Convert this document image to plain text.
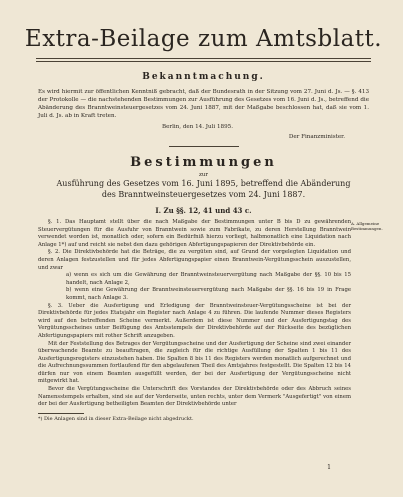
Extra-Beilage zum Amtsblatt.
Bekanntmachung.
Es wird hiermit zur öffentlichen Kenntniß gebracht, daß der Bundesrath in der Sitzung vom 27. Juni d. Js. — §. 413 der Protokolle — die nachstehenden Bestimmungen zur Ausführung des Gesetzes vom 16. Juni d. Js., betreffend die Abänderung des Branntweinsteuergesetzes vom 24. Juni 1887, mit der Maßgabe beschlossen hat, daß sie vom 1. Juli d. Js. ab in Kraft treten.
Berlin, den 14. Juli 1895.
Der Finanzminister.
Bestimmungen
zur
Ausführung des Gesetzes vom 16. Juni 1895, betreffend die Abänderung
des Branntweinsteuergesetzes vom 24. Juni 1887.
I. Zu §§. 12, 41 und 43 c.
A. Allgemeine Bestimmungen.

§. 1. Das Hauptamt stellt über die nach Maßgabe der Bestimmungen unter B bis D zu gewährenden Steuervergütungen für die Ausfuhr von Branntwein sowie zum Fabrikate, zu deren Herstellung Branntwein verwendet worden ist, monatlich oder, sofern ein Bedürfniß hierzu vorliegt, halbmonatlich eine Liquidation nach Anlage 1*) auf und reicht sie nebst den dazu gehörigen Abfertigungspapieren der Direktivbehörde ein.

§. 2. Die Direktivbehörde hat die Beträge, die zu vergüten sind, auf Grund der vorgelegten Liquidation und deren Anlagen festzustellen und für jedes Abfertigungspapier einen Branntwein-Vergütungsschein auszustellen, und zwar

a) wenn es sich um die Gewährung der Branntweinsteuervergütung nach Maßgabe der §§. 10 bis 15 handelt, nach Anlage 2,

b) wenn eine Gewährung der Branntweinsteuervergütung nach Maßgabe der §§. 16 bis 19 in Frage kommt, nach Anlage 3.

§. 3. Ueber die Ausfertigung und Erledigung der Branntweinsteuer-Vergütungsscheine ist bei der Direktivbehörde für jedes Etatsjahr ein Register nach Anlage 4 zu führen. Die laufende Nummer dieses Registers wird auf den betreffenden Scheine vermerkt. Außerdem ist diese Nummer und der Ausfertigungstag des Vergütungsscheines unter Beifügung des Amtsstempels der Direktivbehörde auf der Rückseite des bezüglichen Abfertigungspapiers mit rother Schrift anzugeben.

Mit der Feststellung des Betrages der Vergütungsscheine und der Ausfertigung der Scheine sind zwei einander überwachende Beamte zu beauftragen, die zugleich für die richtige Ausfüllung der Spalten 1 bis 11 des Ausfertigungsregisters einzustehen haben. Die Spalten 8 bis 11 des Registers werden monatlich aufgerechnet und die Aufrechnungssummen fortlaufend für den abgelaufenen Theil des Amtsjahres festgestellt. Die Spalten 12 bis 14 dürfen nur von einem Beamten ausgefüllt werden, der bei der Ausfertigung der Vergütungsscheine nicht mitgewirkt hat.

Bevor die Vergütungsscheine die Unterschrift des Vorstandes der Direktivbehörde oder des Abbruch seines Namensstempels erhalten, sind sie auf der Vorderseite, unten rechts, unter dem Vermerk "Ausgefertigt" von einem der bei der Ausfertigung betheiligten Beamten der Direktivbehörde unter

*) Die Anlagen sind in dieser Extra-Beilage nicht abgedruckt.
1
